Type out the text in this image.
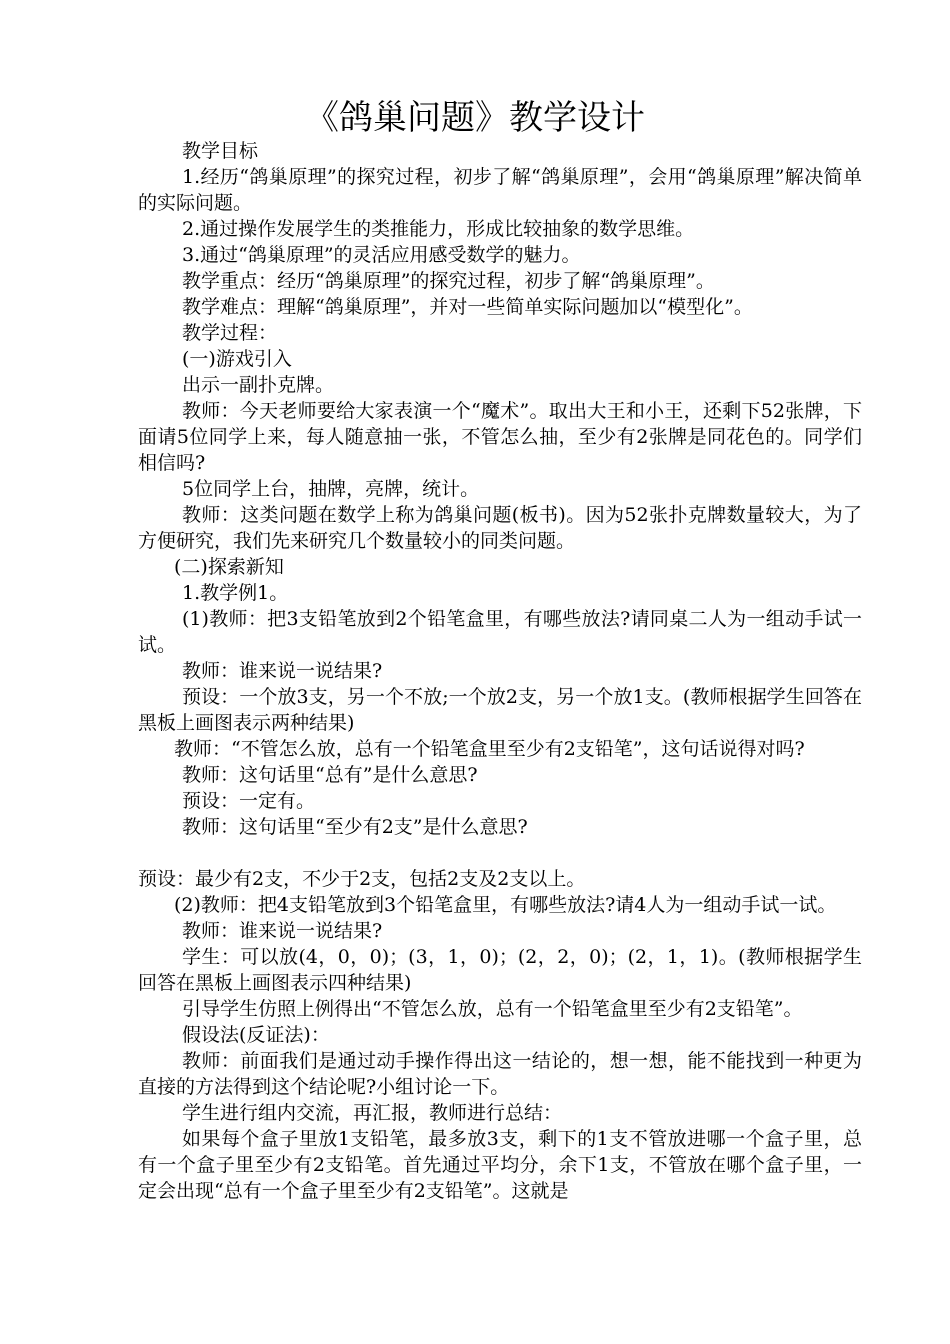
《鸽巢问题》教学设计

教学目标

1.经历“鸽巢原理”的探究过程，初步了解“鸽巢原理”，会用“鸽巢原理”解决简单的实际问题。

2.通过操作发展学生的类推能力，形成比较抽象的数学思维。

3.通过“鸽巢原理”的灵活应用感受数学的魅力。

教学重点：经历“鸽巢原理”的探究过程，初步了解“鸽巢原理”。

教学难点：理解“鸽巢原理”，并对一些简单实际问题加以“模型化”。

教学过程：

(一)游戏引入

出示一副扑克牌。

教师：今天老师要给大家表演一个“魔术”。取出大王和小王，还剩下52张牌，下面请5位同学上来，每人随意抽一张，不管怎么抽，至少有2张牌是同花色的。同学们相信吗?

5位同学上台，抽牌，亮牌，统计。

教师：这类问题在数学上称为鸽巢问题(板书)。因为52张扑克牌数量较大，为了方便研究，我们先来研究几个数量较小的同类问题。

(二)探索新知

1.教学例1。

(1)教师：把3支铅笔放到2个铅笔盒里，有哪些放法?请同桌二人为一组动手试一试。

教师：谁来说一说结果?

预设：一个放3支，另一个不放;一个放2支，另一个放1支。(教师根据学生回答在黑板上画图表示两种结果)

教师：“不管怎么放，总有一个铅笔盒里至少有2支铅笔”，这句话说得对吗?

教师：这句话里“总有”是什么意思?

预设：一定有。

教师：这句话里“至少有2支”是什么意思?

预设：最少有2支，不少于2支，包括2支及2支以上。

(2)教师：把4支铅笔放到3个铅笔盒里，有哪些放法?请4人为一组动手试一试。

教师：谁来说一说结果?

学生：可以放(4，0，0)；(3，1，0)；(2，2，0)；(2，1，1)。(教师根据学生回答在黑板上画图表示四种结果)

引导学生仿照上例得出“不管怎么放，总有一个铅笔盒里至少有2支铅笔”。

假设法(反证法)：

教师：前面我们是通过动手操作得出这一结论的，想一想，能不能找到一种更为直接的方法得到这个结论呢?小组讨论一下。

学生进行组内交流，再汇报，教师进行总结：

如果每个盒子里放1支铅笔，最多放3支，剩下的1支不管放进哪一个盒子里，总有一个盒子里至少有2支铅笔。首先通过平均分，余下1支，不管放在哪个盒子里，一定会出现“总有一个盒子里至少有2支铅笔”。这就是
